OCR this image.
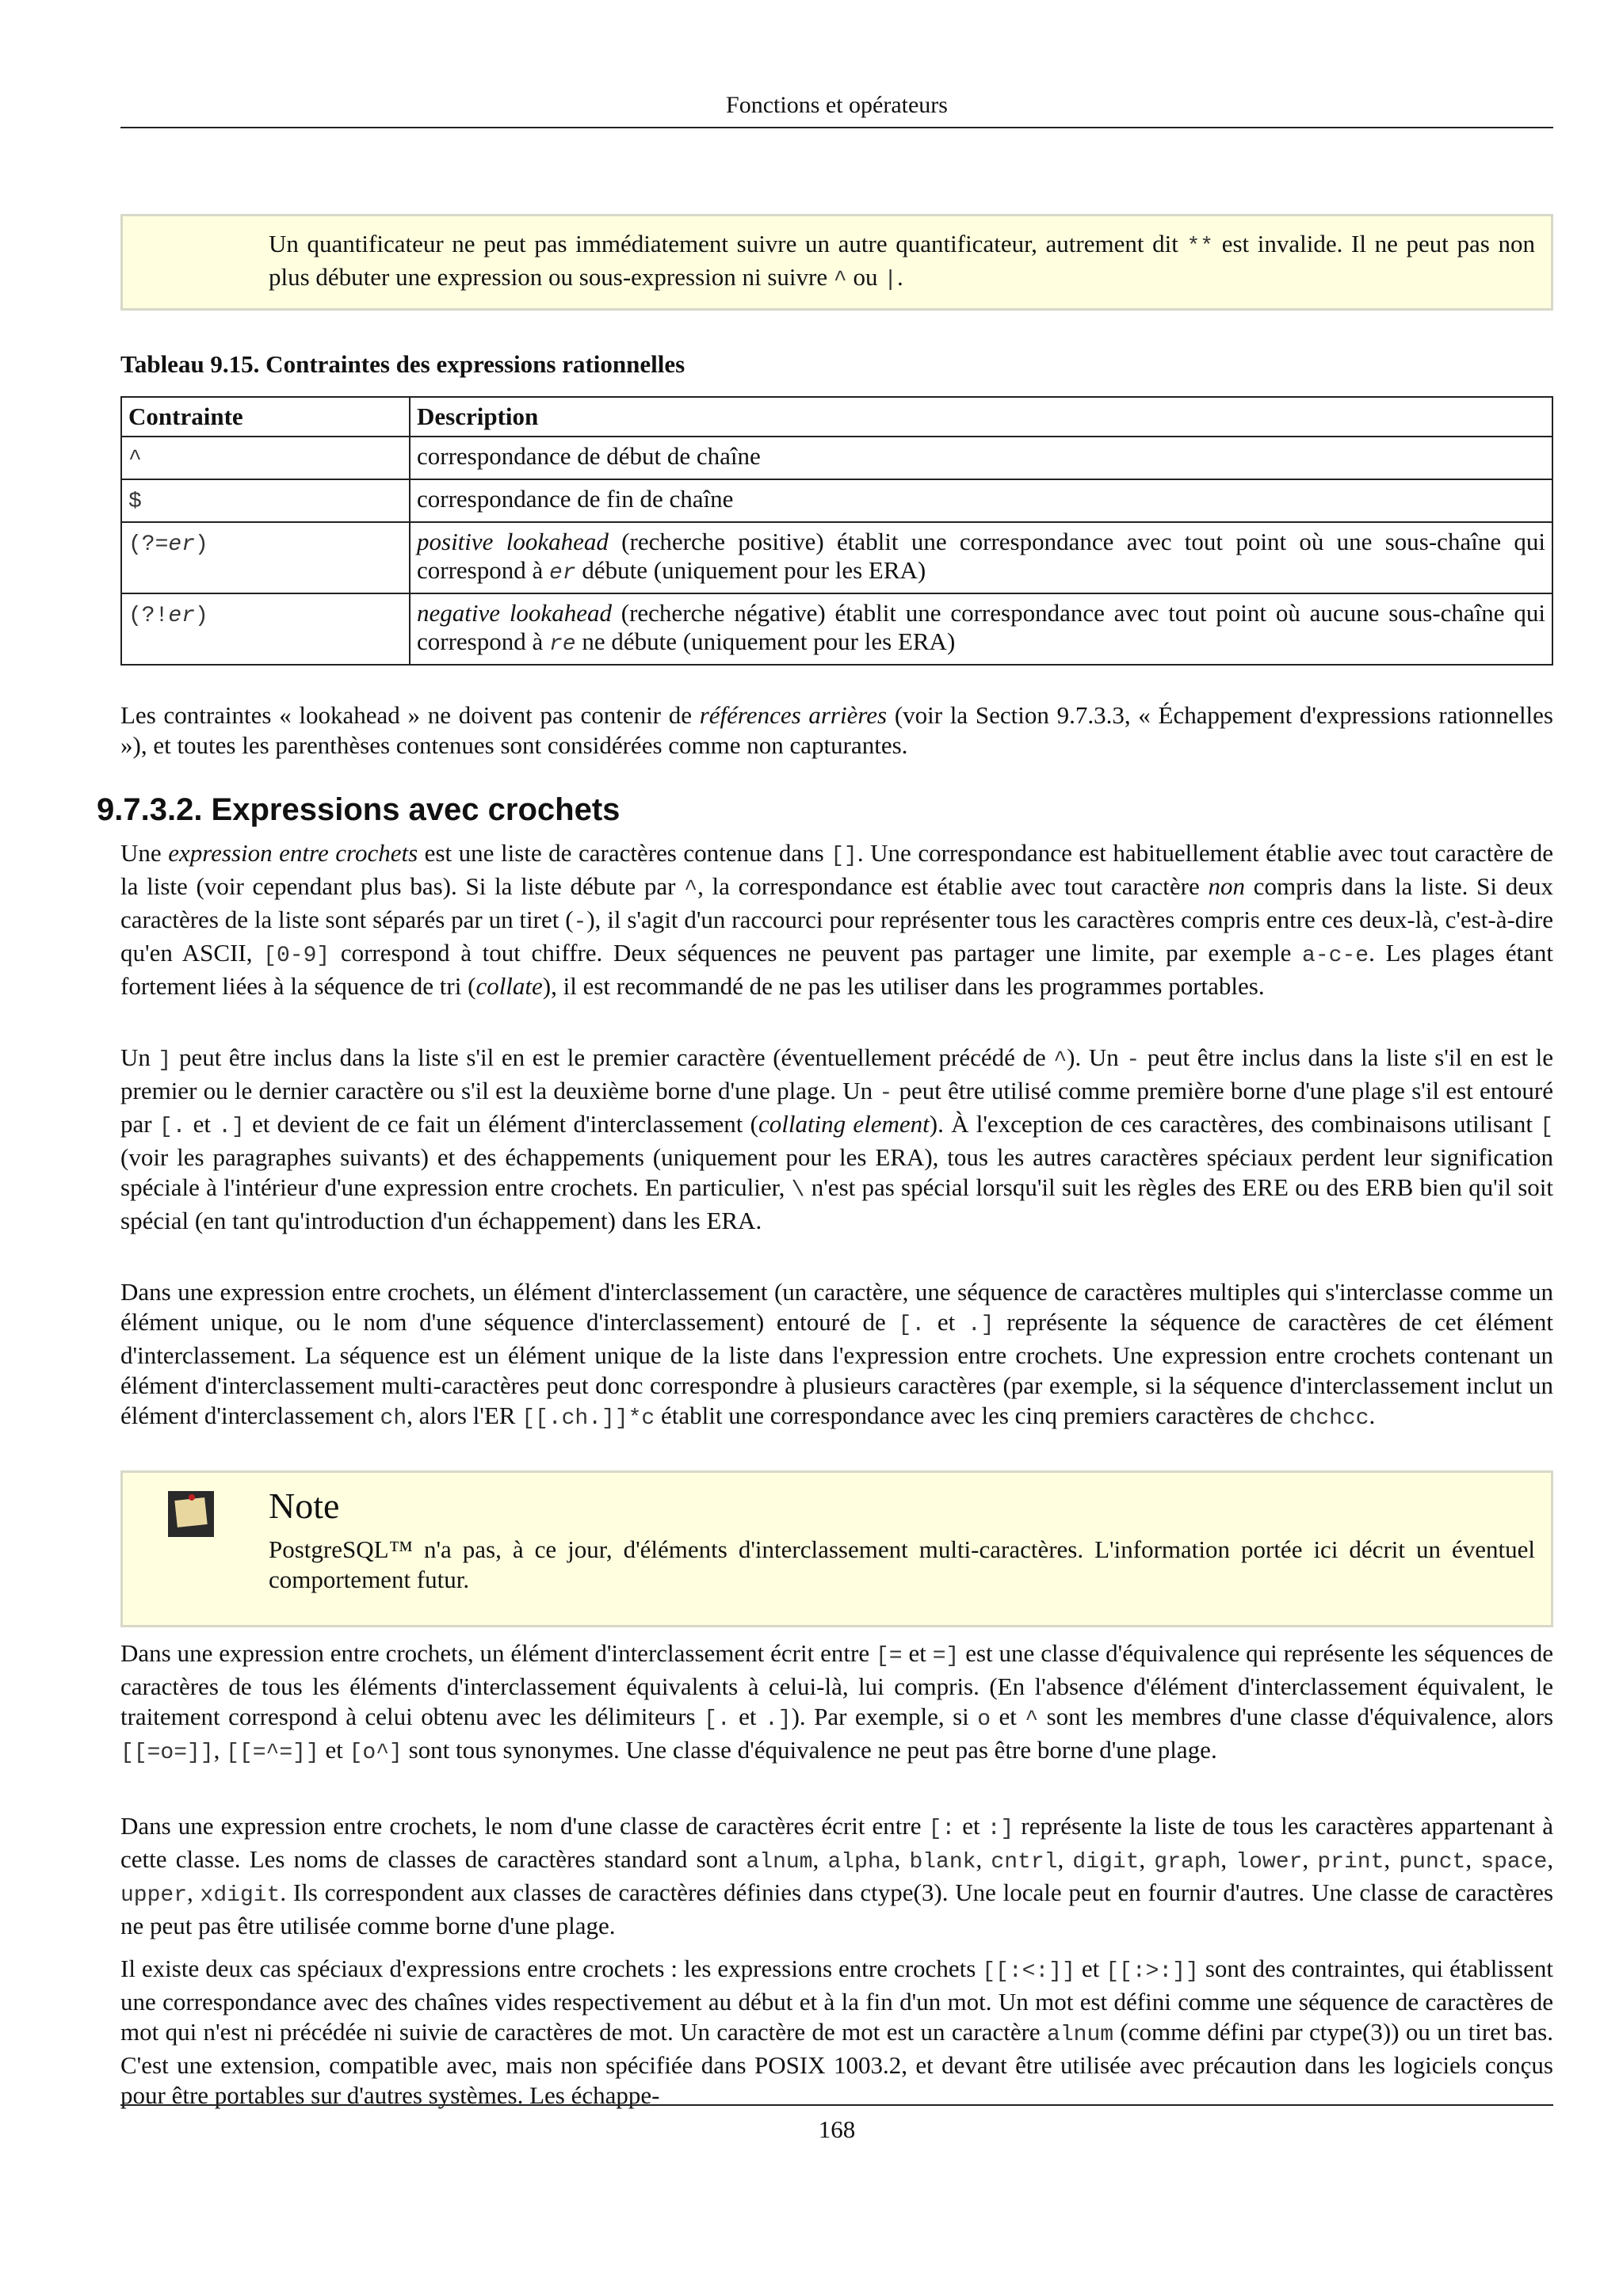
Fonctions et opérateurs
Un quantificateur ne peut pas immédiatement suivre un autre quantificateur, autrement dit ** est invalide. Il ne peut pas non plus débuter une expression ou sous-expression ni suivre ^ ou |.
Tableau 9.15. Contraintes des expressions rationnelles
Contrainte	Description
^	correspondance de début de chaîne
$	correspondance de fin de chaîne
(?=er)	positive lookahead (recherche positive) établit une correspondance avec tout point où une sous-chaîne qui correspond à er débute (uniquement pour les ERA)
(?!er)	negative lookahead (recherche négative) établit une correspondance avec tout point où aucune sous-chaîne qui correspond à re ne débute (uniquement pour les ERA)

Les contraintes « lookahead » ne doivent pas contenir de références arrières (voir la Section 9.7.3.3, « Échappement d'expressions rationnelles »), et toutes les parenthèses contenues sont considérées comme non capturantes.

9.7.3.2. Expressions avec crochets

Une expression entre crochets est une liste de caractères contenue dans []. Une correspondance est habituellement établie avec tout caractère de la liste (voir cependant plus bas). Si la liste débute par ^, la correspondance est établie avec tout caractère non compris dans la liste. Si deux caractères de la liste sont séparés par un tiret (-), il s'agit d'un raccourci pour représenter tous les caractères compris entre ces deux-là, c'est-à-dire qu'en ASCII, [0-9] correspond à tout chiffre. Deux séquences ne peuvent pas partager une limite, par exemple a-c-e. Les plages étant fortement liées à la séquence de tri (collate), il est recommandé de ne pas les utiliser dans les programmes portables.

Un ] peut être inclus dans la liste s'il en est le premier caractère (éventuellement précédé de ^). Un - peut être inclus dans la liste s'il en est le premier ou le dernier caractère ou s'il est la deuxième borne d'une plage. Un - peut être utilisé comme première borne d'une plage s'il est entouré par [. et .] et devient de ce fait un élément d'interclassement (collating element). À l'exception de ces caractères, des combinaisons utilisant [ (voir les paragraphes suivants) et des échappements (uniquement pour les ERA), tous les autres caractères spéciaux perdent leur signification spéciale à l'intérieur d'une expression entre crochets. En particulier, \ n'est pas spécial lorsqu'il suit les règles des ERE ou des ERB bien qu'il soit spécial (en tant qu'introduction d'un échappement) dans les ERA.

Dans une expression entre crochets, un élément d'interclassement (un caractère, une séquence de caractères multiples qui s'interclasse comme un élément unique, ou le nom d'une séquence d'interclassement) entouré de [. et .] représente la séquence de caractères de cet élément d'interclassement. La séquence est un élément unique de la liste dans l'expression entre crochets. Une expression entre crochets contenant un élément d'interclassement multi-caractères peut donc correspondre à plusieurs caractères (par exemple, si la séquence d'interclassement inclut un élément d'interclassement ch, alors l'ER [[.ch.]]*c établit une correspondance avec les cinq premiers caractères de chchcc.

Note
PostgreSQL™ n'a pas, à ce jour, d'éléments d'interclassement multi-caractères. L'information portée ici décrit un éventuel comportement futur.

Dans une expression entre crochets, un élément d'interclassement écrit entre [= et =] est une classe d'équivalence qui représente les séquences de caractères de tous les éléments d'interclassement équivalents à celui-là, lui compris. (En l'absence d'élément d'interclassement équivalent, le traitement correspond à celui obtenu avec les délimiteurs [. et .]). Par exemple, si o et ^ sont les membres d'une classe d'équivalence, alors [[=o=]], [[=^=]] et [o^] sont tous synonymes. Une classe d'équivalence ne peut pas être borne d'une plage.

Dans une expression entre crochets, le nom d'une classe de caractères écrit entre [: et :] représente la liste de tous les caractères appartenant à cette classe. Les noms de classes de caractères standard sont alnum, alpha, blank, cntrl, digit, graph, lower, print, punct, space, upper, xdigit. Ils correspondent aux classes de caractères définies dans ctype(3). Une locale peut en fournir d'autres. Une classe de caractères ne peut pas être utilisée comme borne d'une plage.

Il existe deux cas spéciaux d'expressions entre crochets : les expressions entre crochets [[:<:]] et [[:>:]] sont des contraintes, qui établissent une correspondance avec des chaînes vides respectivement au début et à la fin d'un mot. Un mot est défini comme une séquence de caractères de mot qui n'est ni précédée ni suivie de caractères de mot. Un caractère de mot est un caractère alnum (comme défini par ctype(3)) ou un tiret bas. C'est une extension, compatible avec, mais non spécifiée dans POSIX 1003.2, et devant être utilisée avec précaution dans les logiciels conçus pour être portables sur d'autres systèmes. Les échappe-

168
